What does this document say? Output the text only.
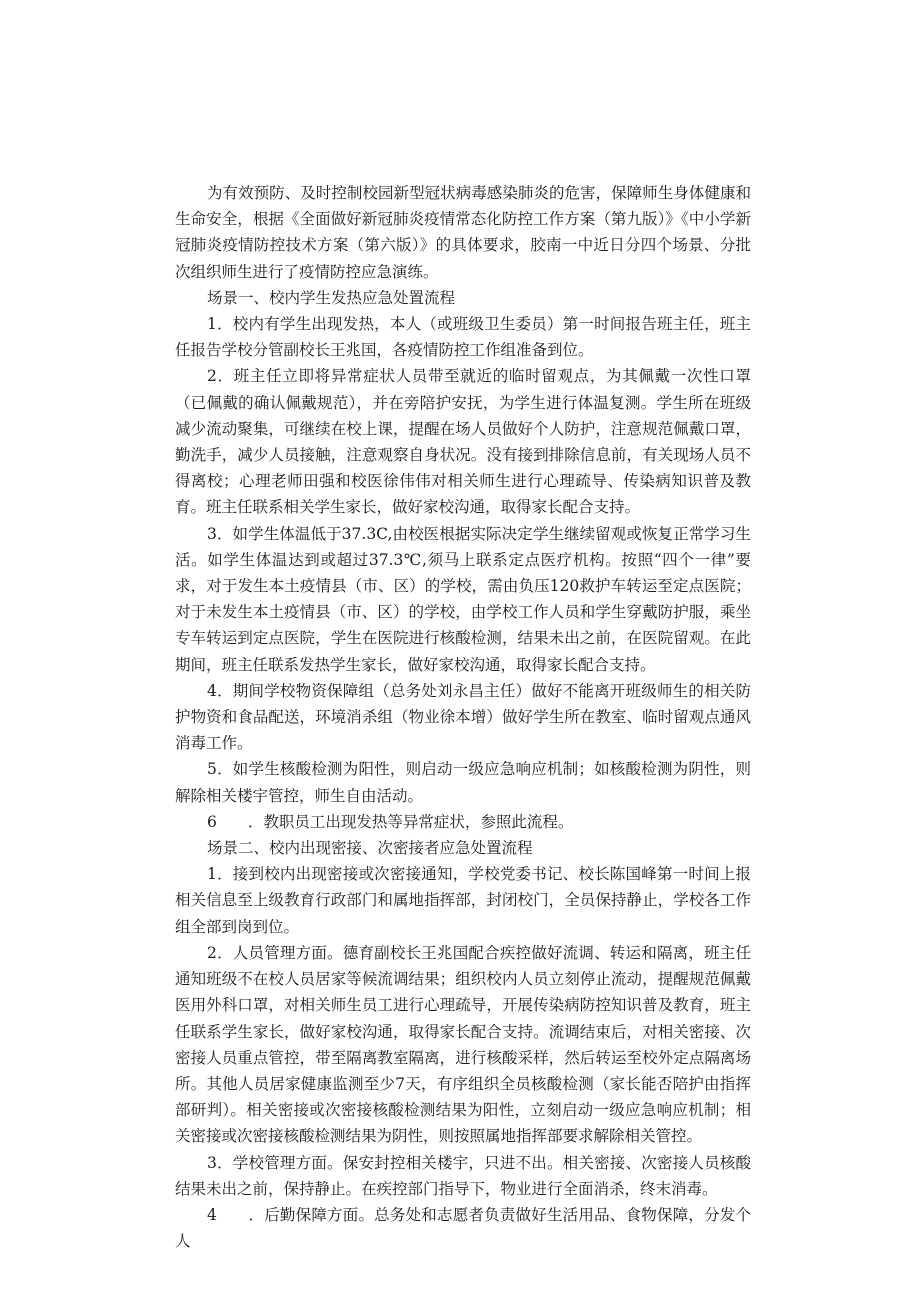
为有效预防、及时控制校园新型冠状病毒感染肺炎的危害，保障师生身体健康和生命安全，根据《全面做好新冠肺炎疫情常态化防控工作方案（第九版）》《中小学新冠肺炎疫情防控技术方案（第六版）》的具体要求，胶南一中近日分四个场景、分批次组织师生进行了疫情防控应急演练。

场景一、校内学生发热应急处置流程

1．校内有学生出现发热，本人（或班级卫生委员）第一时间报告班主任，班主任报告学校分管副校长王兆国，各疫情防控工作组准备到位。

2．班主任立即将异常症状人员带至就近的临时留观点，为其佩戴一次性口罩（已佩戴的确认佩戴规范），并在旁陪护安抚，为学生进行体温复测。学生所在班级减少流动聚集，可继续在校上课，提醒在场人员做好个人防护，注意规范佩戴口罩，勤洗手，减少人员接触，注意观察自身状况。没有接到排除信息前，有关现场人员不得离校；心理老师田强和校医徐伟伟对相关师生进行心理疏导、传染病知识普及教育。班主任联系相关学生家长，做好家校沟通，取得家长配合支持。

3．如学生体温低于37.3C,由校医根据实际决定学生继续留观或恢复正常学习生活。如学生体温达到或超过37.3℃,须马上联系定点医疗机构。按照“四个一律”要求，对于发生本土疫情县（市、区）的学校，需由负压120救护车转运至定点医院；对于未发生本土疫情县（市、区）的学校，由学校工作人员和学生穿戴防护服，乘坐专车转运到定点医院，学生在医院进行核酸检测，结果未出之前，在医院留观。在此期间，班主任联系发热学生家长，做好家校沟通，取得家长配合支持。

4．期间学校物资保障组（总务处刘永昌主任）做好不能离开班级师生的相关防护物资和食品配送，环境消杀组（物业徐本增）做好学生所在教室、临时留观点通风消毒工作。

5．如学生核酸检测为阳性，则启动一级应急响应机制；如核酸检测为阴性，则解除相关楼宇管控，师生自由活动。

6　　．教职员工出现发热等异常症状，参照此流程。

场景二、校内出现密接、次密接者应急处置流程

1．接到校内出现密接或次密接通知，学校党委书记、校长陈国峰第一时间上报相关信息至上级教育行政部门和属地指挥部，封闭校门，全员保持静止，学校各工作组全部到岗到位。

2．人员管理方面。德育副校长王兆国配合疾控做好流调、转运和隔离，班主任通知班级不在校人员居家等候流调结果；组织校内人员立刻停止流动，提醒规范佩戴医用外科口罩，对相关师生员工进行心理疏导，开展传染病防控知识普及教育，班主任联系学生家长，做好家校沟通，取得家长配合支持。流调结束后，对相关密接、次密接人员重点管控，带至隔离教室隔离，进行核酸采样，然后转运至校外定点隔离场所。其他人员居家健康监测至少7天，有序组织全员核酸检测（家长能否陪护由指挥部研判）。相关密接或次密接核酸检测结果为阳性，立刻启动一级应急响应机制；相关密接或次密接核酸检测结果为阴性，则按照属地指挥部要求解除相关管控。

3．学校管理方面。保安封控相关楼宇，只进不出。相关密接、次密接人员核酸结果未出之前，保持静止。在疾控部门指导下，物业进行全面消杀，终末消毒。

4　　．后勤保障方面。总务处和志愿者负责做好生活用品、食物保障，分发个人
